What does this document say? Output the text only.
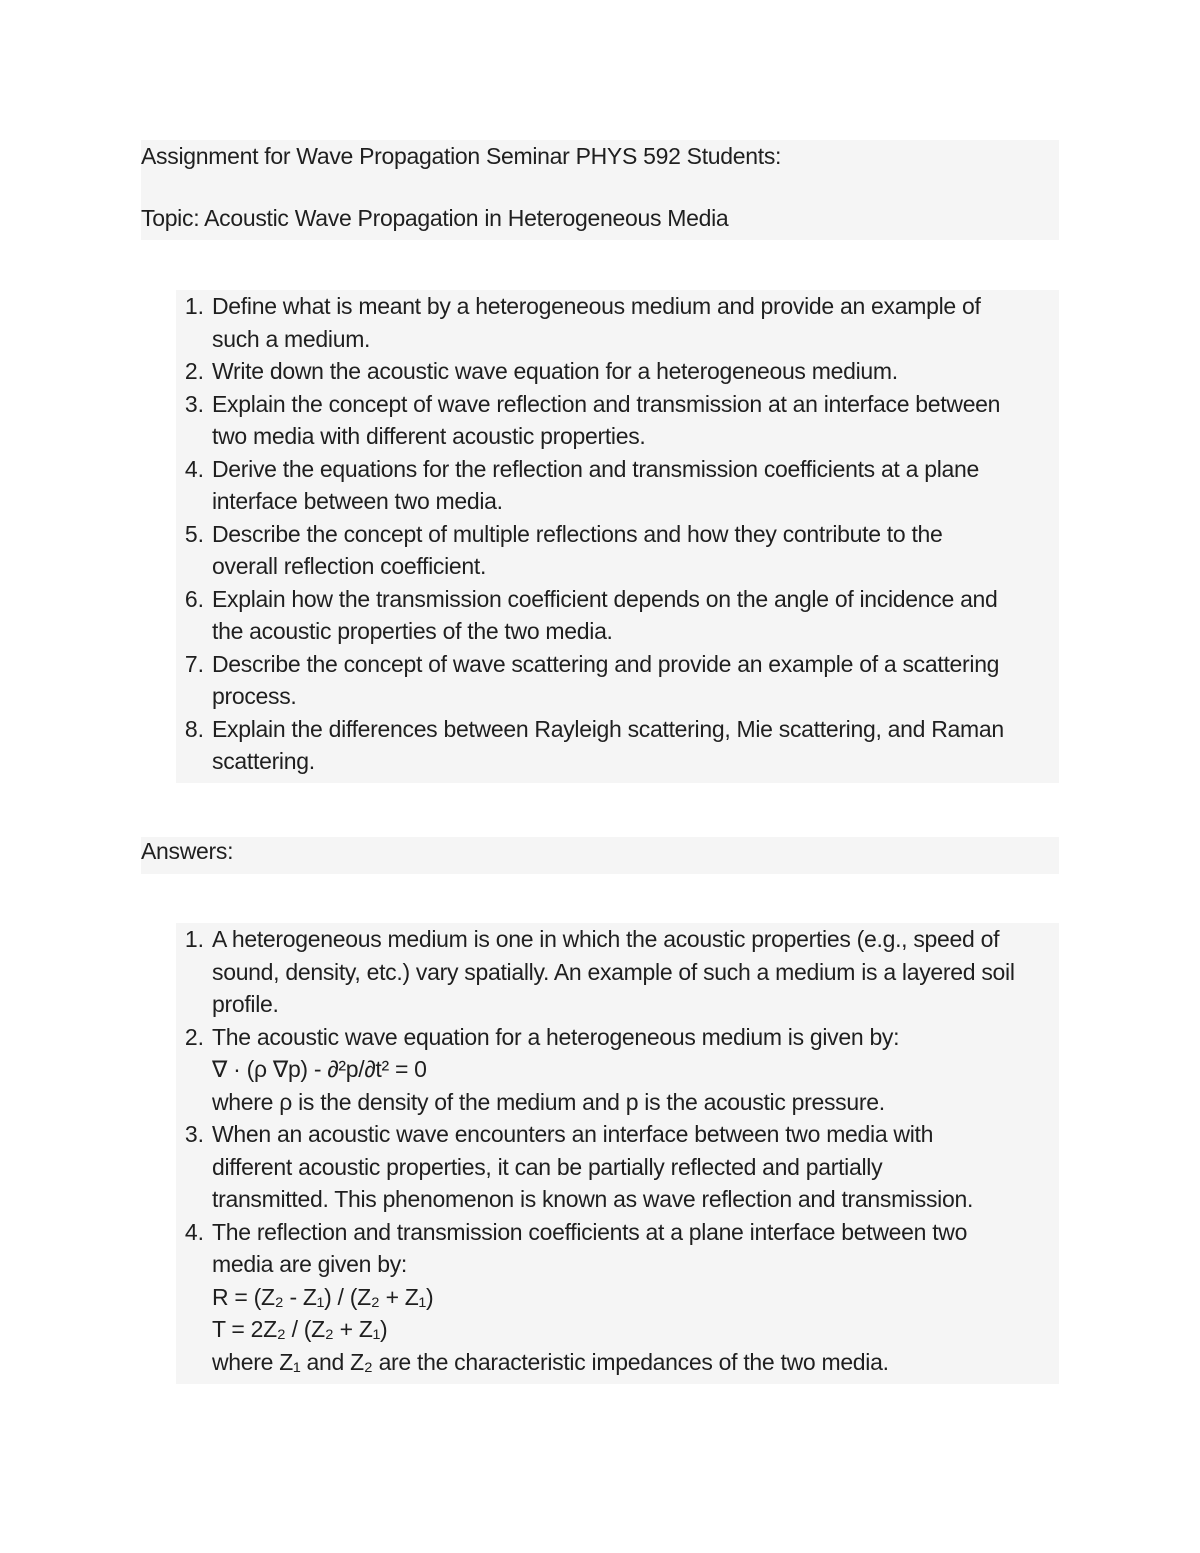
Assignment for Wave Propagation Seminar PHYS 592 Students:
Topic: Acoustic Wave Propagation in Heterogeneous Media
1. Define what is meant by a heterogeneous medium and provide an example of
such a medium.
2. Write down the acoustic wave equation for a heterogeneous medium.
3. Explain the concept of wave reflection and transmission at an interface between
two media with different acoustic properties.
4. Derive the equations for the reflection and transmission coefficients at a plane
interface between two media.
5. Describe the concept of multiple reflections and how they contribute to the
overall reflection coefficient.
6. Explain how the transmission coefficient depends on the angle of incidence and
the acoustic properties of the two media.
7. Describe the concept of wave scattering and provide an example of a scattering
process.
8. Explain the differences between Rayleigh scattering, Mie scattering, and Raman
scattering.
Answers:
1. A heterogeneous medium is one in which the acoustic properties (e.g., speed of
sound, density, etc.) vary spatially. An example of such a medium is a layered soil
profile.
2. The acoustic wave equation for a heterogeneous medium is given by:
∇ · (ρ ∇p) - ∂²p/∂t² = 0
where ρ is the density of the medium and p is the acoustic pressure.
3. When an acoustic wave encounters an interface between two media with
different acoustic properties, it can be partially reflected and partially
transmitted. This phenomenon is known as wave reflection and transmission.
4. The reflection and transmission coefficients at a plane interface between two
media are given by:
R = (Z₂ - Z₁) / (Z₂ + Z₁)
T = 2Z₂ / (Z₂ + Z₁)
where Z₁ and Z₂ are the characteristic impedances of the two media.
